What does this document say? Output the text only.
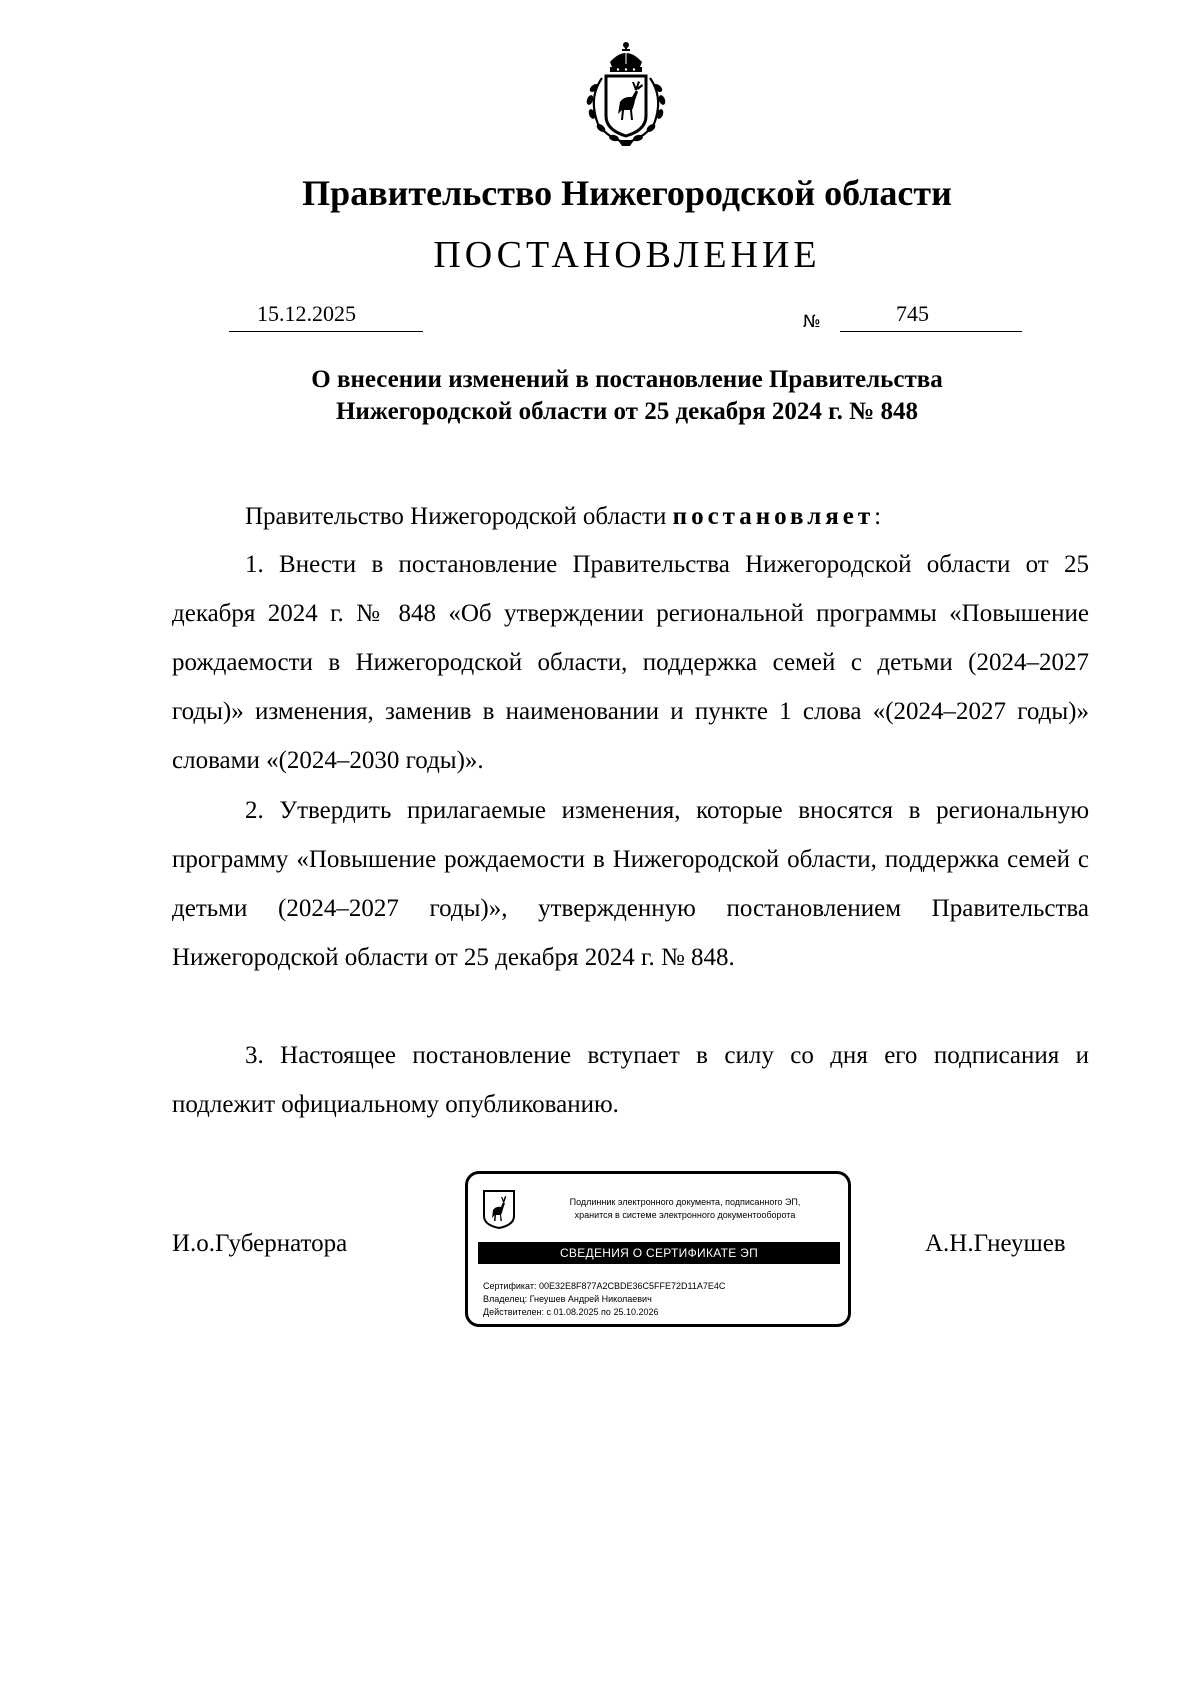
Правительство Нижегородской области
ПОСТАНОВЛЕНИЕ
15.12.2025	№	745
О внесении изменений в постановление Правительства
Нижегородской области от 25 декабря 2024 г. № 848
Правительство Нижегородской области постановляет:
1. Внести в постановление Правительства Нижегородской области от 25 декабря 2024 г. № 848 «Об утверждении региональной программы «Повышение рождаемости в Нижегородской области, поддержка семей с детьми (2024–2027 годы)» изменения, заменив в наименовании и пункте 1 слова «(2024–2027 годы)» словами «(2024–2030 годы)».
2. Утвердить прилагаемые изменения, которые вносятся в региональную программу «Повышение рождаемости в Нижегородской области, поддержка семей с детьми (2024–2027 годы)», утвержденную постановлением Правительства Нижегородской области от 25 декабря 2024 г. № 848.
3. Настоящее постановление вступает в силу со дня его подписания и подлежит официальному опубликованию.
И.о.Губернатора	А.Н.Гнеушев
Подлинник электронного документа, подписанного ЭП,
хранится в системе электронного документооборота
СВЕДЕНИЯ О СЕРТИФИКАТЕ ЭП
Сертификат: 00E32E8F877A2CBDE36C5FFE72D11A7E4C
Владелец: Гнеушев Андрей Николаевич
Действителен: с 01.08.2025 по 25.10.2026
